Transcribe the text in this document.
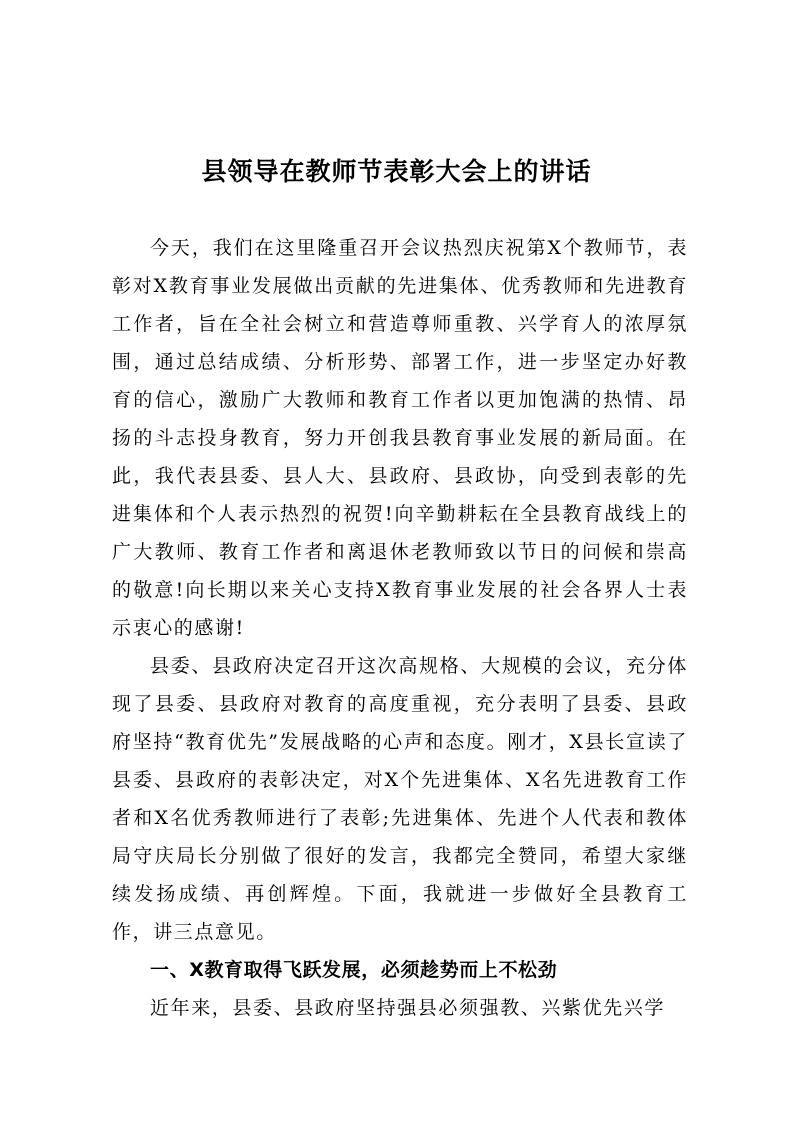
县领导在教师节表彰大会上的讲话

今天，我们在这里隆重召开会议热烈庆祝第X个教师节，表彰对X教育事业发展做出贡献的先进集体、优秀教师和先进教育工作者，旨在全社会树立和营造尊师重教、兴学育人的浓厚氛围，通过总结成绩、分析形势、部署工作，进一步坚定办好教育的信心，激励广大教师和教育工作者以更加饱满的热情、昂扬的斗志投身教育，努力开创我县教育事业发展的新局面。在此，我代表县委、县人大、县政府、县政协，向受到表彰的先进集体和个人表示热烈的祝贺!向辛勤耕耘在全县教育战线上的广大教师、教育工作者和离退休老教师致以节日的问候和崇高的敬意!向长期以来关心支持X教育事业发展的社会各界人士表示衷心的感谢!

县委、县政府决定召开这次高规格、大规模的会议，充分体现了县委、县政府对教育的高度重视，充分表明了县委、县政府坚持“教育优先”发展战略的心声和态度。刚才，X县长宣读了县委、县政府的表彰决定，对X个先进集体、X名先进教育工作者和X名优秀教师进行了表彰;先进集体、先进个人代表和教体局守庆局长分别做了很好的发言，我都完全赞同，希望大家继续发扬成绩、再创辉煌。下面，我就进一步做好全县教育工作，讲三点意见。

一、X教育取得飞跃发展，必须趁势而上不松劲

近年来，县委、县政府坚持强县必须强教、兴紫优先兴学
